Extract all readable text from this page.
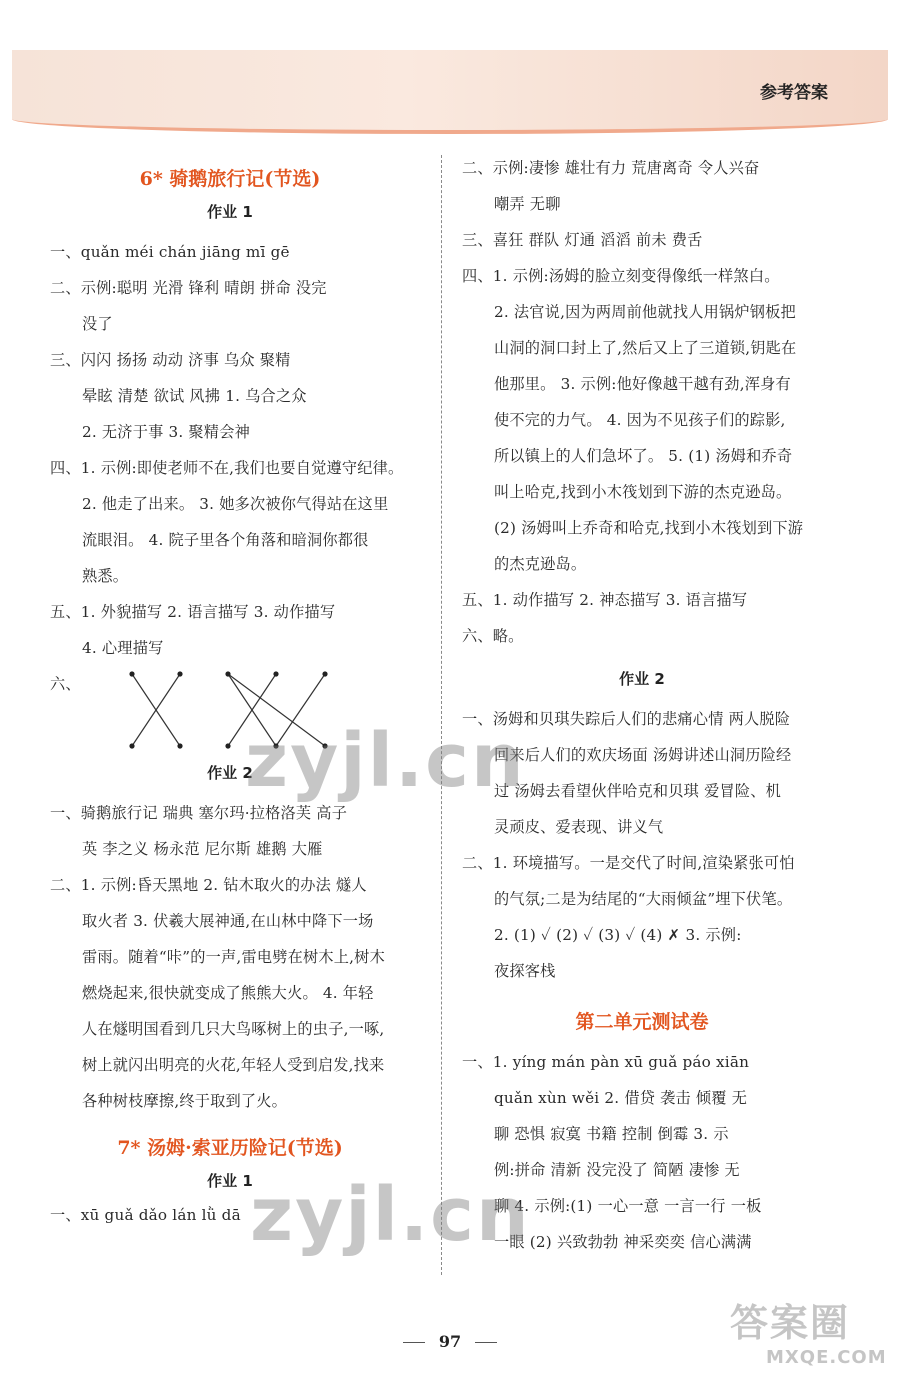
参考答案
6* 骑鹅旅行记(节选)
作业 1
一、quǎn méi chán jiāng mī gē
二、示例:聪明 光滑 锋利 晴朗 拼命 没完
没了
三、闪闪 扬扬 动动 济事 乌众 聚精
晕眩 清楚 欲试 风拂 1. 乌合之众
2. 无济于事 3. 聚精会神
四、1. 示例:即使老师不在,我们也要自觉遵守纪律。
2. 他走了出来。 3. 她多次被你气得站在这里
流眼泪。 4. 院子里各个角落和暗洞你都很
熟悉。
五、1. 外貌描写 2. 语言描写 3. 动作描写
4. 心理描写
六、
作业 2
一、骑鹅旅行记 瑞典 塞尔玛·拉格洛芙 高子
英 李之义 杨永范 尼尔斯 雄鹅 大雁
二、1. 示例:昏天黑地 2. 钻木取火的办法 燧人
取火者 3. 伏羲大展神通,在山林中降下一场
雷雨。随着“咔”的一声,雷电劈在树木上,树木
燃烧起来,很快就变成了熊熊大火。 4. 年轻
人在燧明国看到几只大鸟啄树上的虫子,一啄,
树上就闪出明亮的火花,年轻人受到启发,找来
各种树枝摩擦,终于取到了火。
7* 汤姆·索亚历险记(节选)
作业 1
一、xū guǎ dǎo lán lǜ dā
二、示例:凄惨 雄壮有力 荒唐离奇 令人兴奋
嘲弄 无聊
三、喜狂 群队 灯通 滔滔 前未 费舌
四、1. 示例:汤姆的脸立刻变得像纸一样煞白。
2. 法官说,因为两周前他就找人用锅炉钢板把
山洞的洞口封上了,然后又上了三道锁,钥匙在
他那里。 3. 示例:他好像越干越有劲,浑身有
使不完的力气。 4. 因为不见孩子们的踪影,
所以镇上的人们急坏了。 5. (1) 汤姆和乔奇
叫上哈克,找到小木筏划到下游的杰克逊岛。
(2) 汤姆叫上乔奇和哈克,找到小木筏划到下游
的杰克逊岛。
五、1. 动作描写 2. 神态描写 3. 语言描写
六、略。
作业 2
一、汤姆和贝琪失踪后人们的悲痛心情 两人脱险
回来后人们的欢庆场面 汤姆讲述山洞历险经
过 汤姆去看望伙伴哈克和贝琪 爱冒险、机
灵顽皮、爱表现、讲义气
二、1. 环境描写。一是交代了时间,渲染紧张可怕
的气氛;二是为结尾的“大雨倾盆”埋下伏笔。
2. (1) ✓ (2) ✓ (3) ✓ (4) ✗ 3. 示例:
夜探客栈
第二单元测试卷
一、1. yíng mán pàn xū guǎ páo xiān
quǎn xùn wěi 2. 借贷 袭击 倾覆 无
聊 恐惧 寂寞 书籍 控制 倒霉 3. 示
例:拼命 清新 没完没了 简陋 凄惨 无
聊 4. 示例:(1) 一心一意 一言一行 一板
一眼 (2) 兴致勃勃 神采奕奕 信心满满
97
zyjl.cn
zyjl.cn
答案圈
MXQE.COM
